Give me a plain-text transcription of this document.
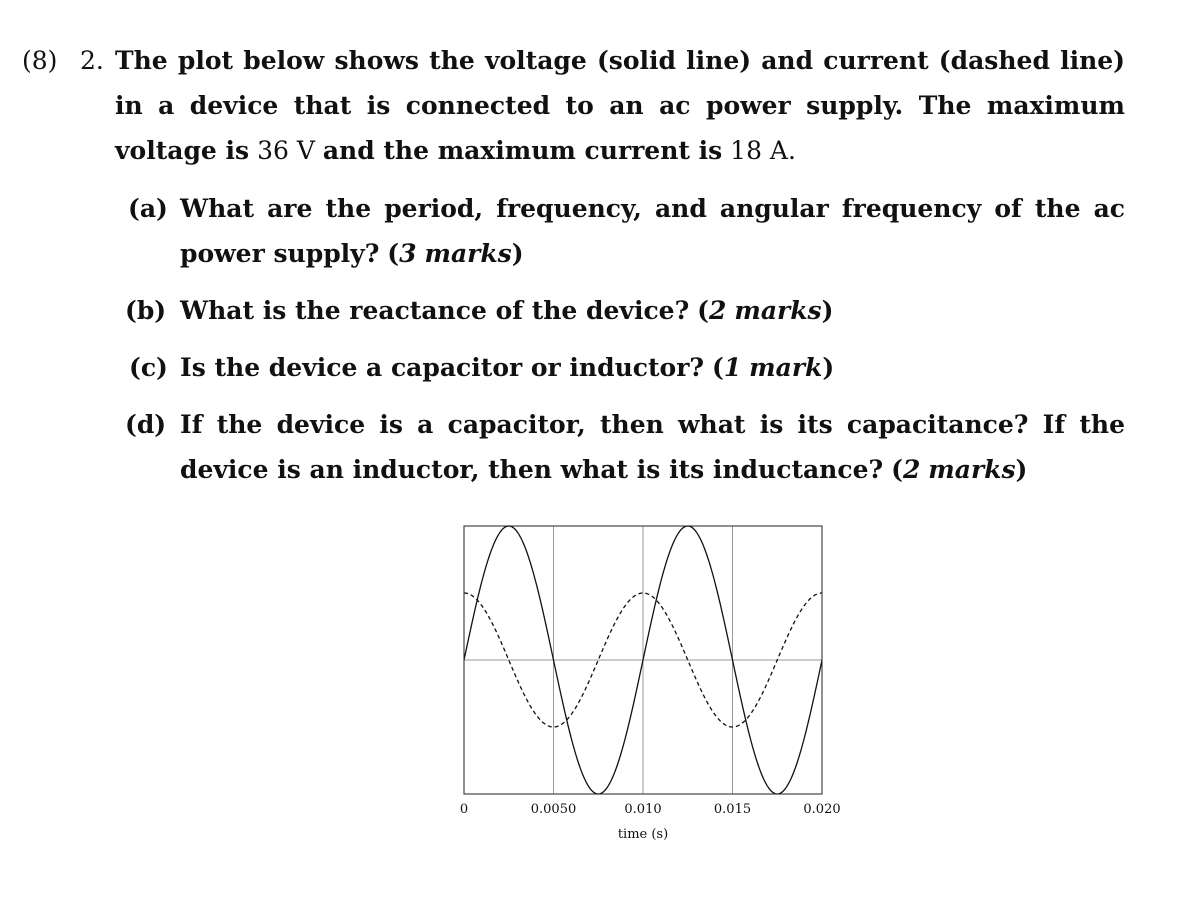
(8) 2. The plot below shows the voltage (solid line) and current (dashed line)
in a device that is connected to an ac power supply. The maximum
voltage is 36 V and the maximum current is 18 A.
(a) What are the period, frequency, and angular frequency of the ac
power supply? (3 marks)
(b) What is the reactance of the device? (2 marks)
(c) Is the device a capacitor or inductor? (1 mark)
(d) If the device is a capacitor, then what is its capacitance? If the
device is an inductor, then what is its inductance? (2 marks)
0	0.0050	0.010	0.015	0.020
time (s)
